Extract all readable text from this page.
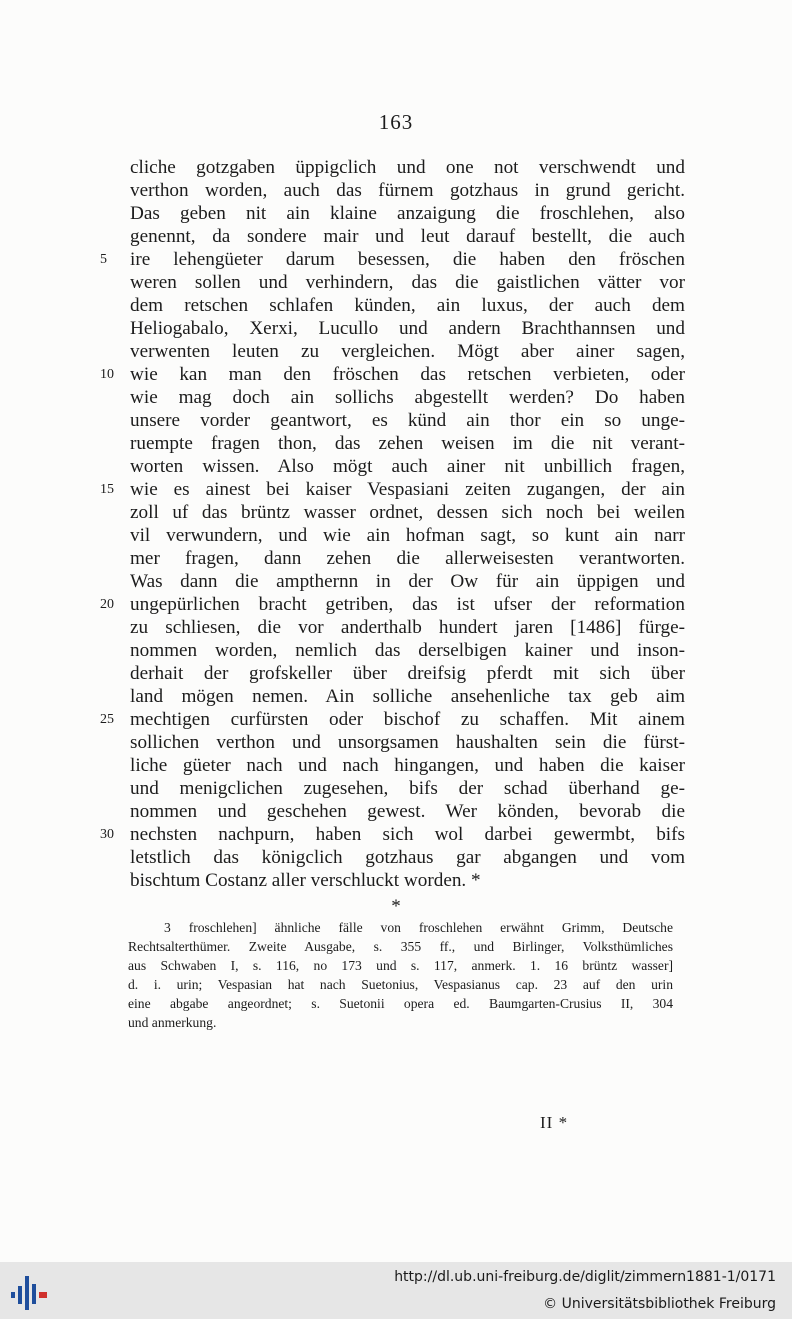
163
cliche gotzgaben üppigclich und one not verschwendt und
verthon worden, auch das fürnem gotzhaus in grund gericht.
Das geben nit ain klaine anzaigung die froschlehen, also
genennt, da sondere mair und leut darauf bestellt, die auch
5	ire lehengüeter darum besessen, die haben den fröschen
weren sollen und verhindern, das die gaistlichen vätter vor
dem retschen schlafen künden, ain luxus, der auch dem
Heliogabalo, Xerxi, Lucullo und andern Brachthannsen und
verwenten leuten zu vergleichen. Mögt aber ainer sagen,
10 wie kan man den fröschen das retschen verbieten, oder
wie mag doch ain sollichs abgestellt werden? Do haben
unsere vorder geantwort, es künd ain thor ein so unge-
ruempte fragen thon, das zehen weisen im die nit verant-
worten wissen. Also mögt auch ainer nit unbillich fragen,
15 wie es ainest bei kaiser Vespasiani zeiten zugangen, der ain
zoll uf das brüntz wasser ordnet, dessen sich noch bei weilen
vil verwundern, und wie ain hofman sagt, so kunt ain narr
mer fragen, dann zehen die allerweisesten verantworten.
Was dann die ampthernn in der Ow für ain üppigen und
20 ungepürlichen bracht getriben, das ist ufser der reformation
zu schliesen, die vor anderthalb hundert jaren [1486] fürge-
nommen worden, nemlich das derselbigen kainer und inson-
derhait der grofskeller über dreifsig pferdt mit sich über
land mögen nemen. Ain solliche ansehenliche tax geb aim
25 mechtigen curfürsten oder bischof zu schaffen. Mit ainem
sollichen verthon und unsorgsamen haushalten sein die fürst-
liche güeter nach und nach hingangen, und haben die kaiser
und menigclichen zugesehen, bifs der schad überhand ge-
nommen und geschehen gewest. Wer könden, bevorab die
30 nechsten nachpurn, haben sich wol darbei gewermbt, bifs
letstlich das königclich gotzhaus gar abgangen und vom
bischtum Costanz aller verschluckt worden. *
*
3 froschlehen] ähnliche fälle von froschlehen erwähnt Grimm, Deutsche
Rechtsalterthümer. Zweite Ausgabe, s. 355 ff., und Birlinger, Volksthümliches
aus Schwaben I, s. 116, no 173 und s. 117, anmerk. 1. 16 brüntz wasser]
d. i. urin; Vespasian hat nach Suetonius, Vespasianus cap. 23 auf den urin
eine abgabe angeordnet; s. Suetonii opera ed. Baumgarten-Crusius II, 304
und anmerkung.
II *
http://dl.ub.uni-freiburg.de/diglit/zimmern1881-1/0171
© Universitätsbibliothek Freiburg
